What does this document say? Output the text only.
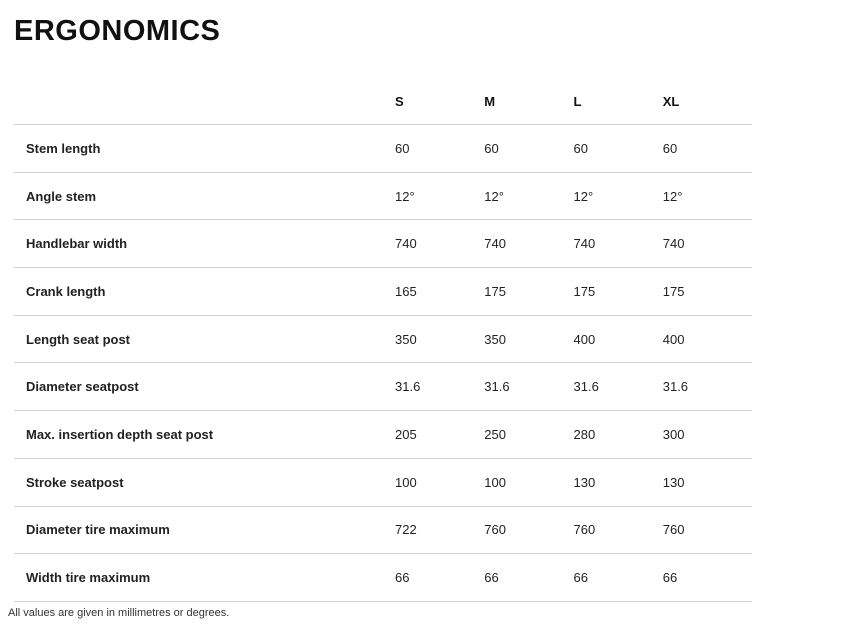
ERGONOMICS
	S	M	L	XL
Stem length	60	60	60	60
Angle stem	12°	12°	12°	12°
Handlebar width	740	740	740	740
Crank length	165	175	175	175
Length seat post	350	350	400	400
Diameter seatpost	31.6	31.6	31.6	31.6
Max. insertion depth seat post	205	250	280	300
Stroke seatpost	100	100	130	130
Diameter tire maximum	722	760	760	760
Width tire maximum	66	66	66	66
All values are given in millimetres or degrees.
